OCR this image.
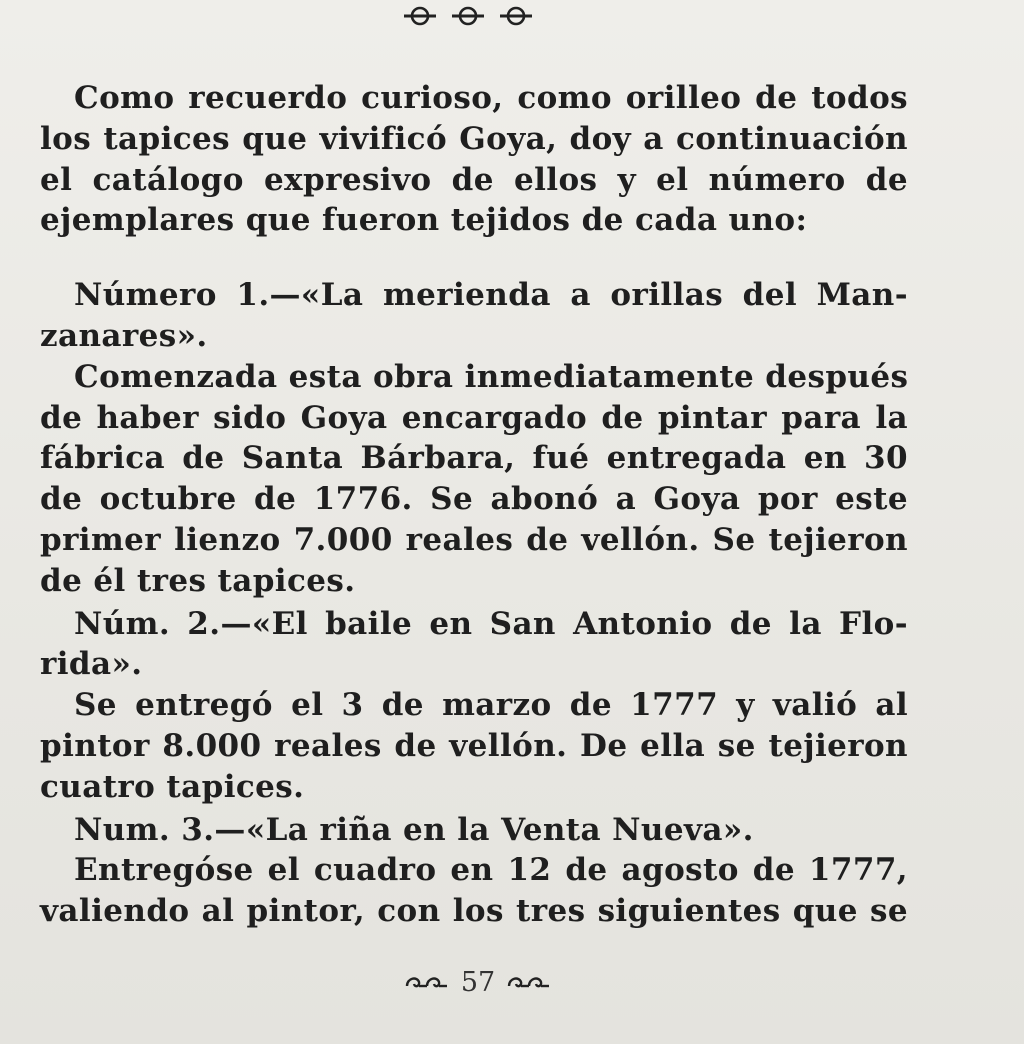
Como recuerdo curioso, como orilleo de todos
los tapices que vivificó Goya, doy a continuación
el catálogo expresivo de ellos y el número de
ejemplares que fueron tejidos de cada uno:
Número 1.—«La merienda a orillas del Man-
zanares».
Comenzada esta obra inmediatamente después
de haber sido Goya encargado de pintar para la
fábrica de Santa Bárbara, fué entregada en 30
de octubre de 1776. Se abonó a Goya por este
primer lienzo 7.000 reales de vellón. Se tejieron
de él tres tapices.
Núm. 2.—«El baile en San Antonio de la Flo-
rida».
Se entregó el 3 de marzo de 1777 y valió al
pintor 8.000 reales de vellón. De ella se tejieron
cuatro tapices.
Num. 3.—«La riña en la Venta Nueva».
Entregóse el cuadro en 12 de agosto de 1777,
valiendo al pintor, con los tres siguientes que se
57
